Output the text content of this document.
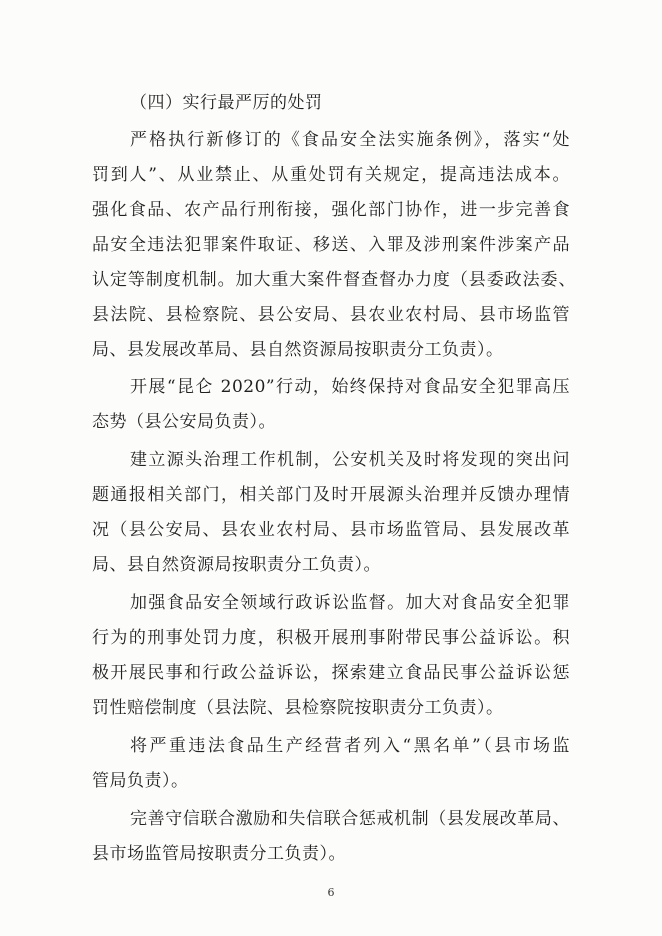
（四）实行最严厉的处罚
严格执行新修订的《食品安全法实施条例》，落实“处
罚到人”、从业禁止、从重处罚有关规定，提高违法成本。
强化食品、农产品行刑衔接，强化部门协作，进一步完善食
品安全违法犯罪案件取证、移送、入罪及涉刑案件涉案产品
认定等制度机制。加大重大案件督查督办力度（县委政法委、
县法院、县检察院、县公安局、县农业农村局、县市场监管
局、县发展改革局、县自然资源局按职责分工负责）。
开展“昆仑 2020”行动，始终保持对食品安全犯罪高压
态势（县公安局负责）。
建立源头治理工作机制，公安机关及时将发现的突出问
题通报相关部门，相关部门及时开展源头治理并反馈办理情
况（县公安局、县农业农村局、县市场监管局、县发展改革
局、县自然资源局按职责分工负责）。
加强食品安全领域行政诉讼监督。加大对食品安全犯罪
行为的刑事处罚力度，积极开展刑事附带民事公益诉讼。积
极开展民事和行政公益诉讼，探索建立食品民事公益诉讼惩
罚性赔偿制度（县法院、县检察院按职责分工负责）。
将严重违法食品生产经营者列入“黑名单”（县市场监
管局负责）。
完善守信联合激励和失信联合惩戒机制（县发展改革局、
县市场监管局按职责分工负责）。
6
